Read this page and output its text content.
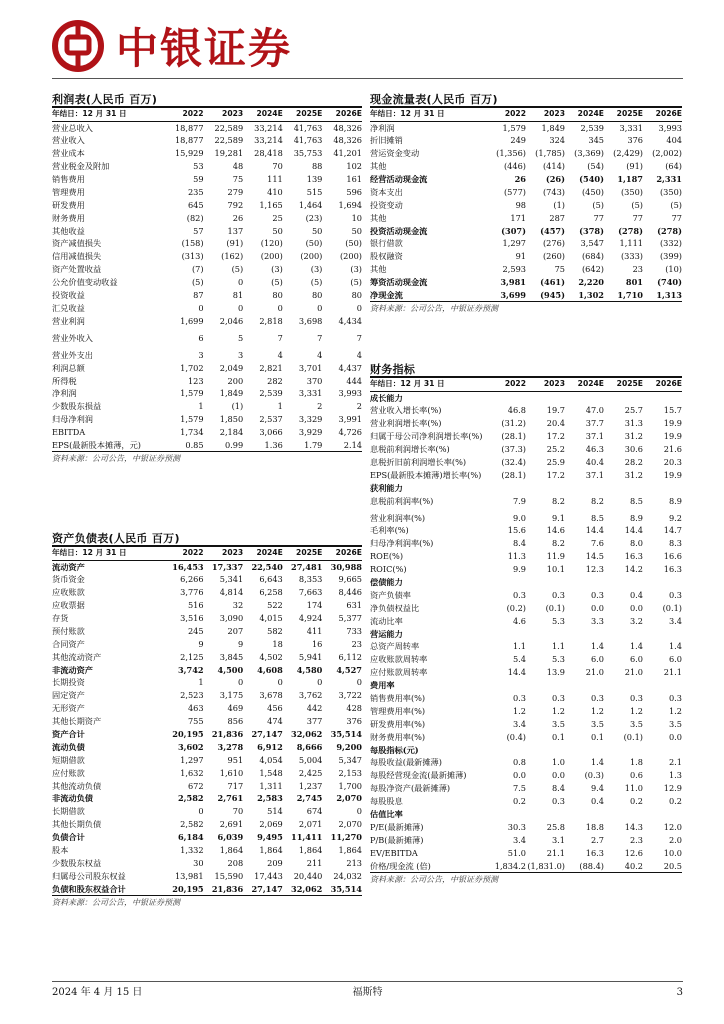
中银证券
利润表(人民币 百万)
年结日：12 月 31 日	2022	2023	2024E	2025E	2026E
营业总收入	18,877	22,589	33,214	41,763	48,326
营业收入	18,877	22,589	33,214	41,763	48,326
营业成本	15,929	19,281	28,418	35,753	41,201
营业税金及附加	53	48	70	88	102
销售费用	59	75	111	139	161
管理费用	235	279	410	515	596
研发费用	645	792	1,165	1,464	1,694
财务费用	(82)	26	25	(23)	10
其他收益	57	137	50	50	50
资产减值损失	(158)	(91)	(120)	(50)	(50)
信用减值损失	(313)	(162)	(200)	(200)	(200)
资产处置收益	(7)	(5)	(3)	(3)	(3)
公允价值变动收益	(5)	0	(5)	(5)	(5)
投资收益	87	81	80	80	80
汇兑收益	0	0	0	0	0
营业利润	1,699	2,046	2,818	3,698	4,434
营业外收入	6	5	7	7	7
营业外支出	3	3	4	4	4
利润总额	1,702	2,049	2,821	3,701	4,437
所得税	123	200	282	370	444
净利润	1,579	1,849	2,539	3,331	3,993
少数股东损益	1	(1)	1	2	2
归母净利润	1,579	1,850	2,537	3,329	3,991
EBITDA	1,734	2,184	3,066	3,929	4,726
EPS(最新股本摊薄，元)	0.85	0.99	1.36	1.79	2.14
资料来源：公司公告，中银证券预测
资产负债表(人民币 百万)
年结日：12 月 31 日	2022	2023	2024E	2025E	2026E
流动资产	16,453	17,337	22,540	27,481	30,988
货币资金	6,266	5,341	6,643	8,353	9,665
应收账款	3,776	4,814	6,258	7,663	8,446
应收票据	516	32	522	174	631
存货	3,516	3,090	4,015	4,924	5,377
预付账款	245	207	582	411	733
合同资产	9	9	18	16	23
其他流动资产	2,125	3,845	4,502	5,941	6,112
非流动资产	3,742	4,500	4,608	4,580	4,527
长期投资	1	0	0	0	0
固定资产	2,523	3,175	3,678	3,762	3,722
无形资产	463	469	456	442	428
其他长期资产	755	856	474	377	376
资产合计	20,195	21,836	27,147	32,062	35,514
流动负债	3,602	3,278	6,912	8,666	9,200
短期借款	1,297	951	4,054	5,004	5,347
应付账款	1,632	1,610	1,548	2,425	2,153
其他流动负债	672	717	1,311	1,237	1,700
非流动负债	2,582	2,761	2,583	2,745	2,070
长期借款	0	70	514	674	0
其他长期负债	2,582	2,691	2,069	2,071	2,070
负债合计	6,184	6,039	9,495	11,411	11,270
股本	1,332	1,864	1,864	1,864	1,864
少数股东权益	30	208	209	211	213
归属母公司股东权益	13,981	15,590	17,443	20,440	24,032
负债和股东权益合计	20,195	21,836	27,147	32,062	35,514
资料来源：公司公告，中银证券预测
现金流量表(人民币 百万)
年结日：12 月 31 日	2022	2023	2024E	2025E	2026E
净利润	1,579	1,849	2,539	3,331	3,993
折旧摊销	249	324	345	376	404
营运资金变动	(1,356)	(1,785)	(3,369)	(2,429)	(2,002)
其他	(446)	(414)	(54)	(91)	(64)
经营活动现金流	26	(26)	(540)	1,187	2,331
资本支出	(577)	(743)	(450)	(350)	(350)
投资变动	98	(1)	(5)	(5)	(5)
其他	171	287	77	77	77
投资活动现金流	(307)	(457)	(378)	(278)	(278)
银行借款	1,297	(276)	3,547	1,111	(332)
股权融资	91	(260)	(684)	(333)	(399)
其他	2,593	75	(642)	23	(10)
筹资活动现金流	3,981	(461)	2,220	801	(740)
净现金流	3,699	(945)	1,302	1,710	1,313
资料来源：公司公告，中银证券预测
财务指标
年结日：12 月 31 日	2022	2023	2024E	2025E	2026E
成长能力					
营业收入增长率(%)	46.8	19.7	47.0	25.7	15.7
营业利润增长率(%)	(31.2)	20.4	37.7	31.3	19.9
归属于母公司净利润增长率(%)	(28.1)	17.2	37.1	31.2	19.9
息税前利润增长率(%)	(37.3)	25.2	46.3	30.6	21.6
息税折旧前利润增长率(%)	(32.4)	25.9	40.4	28.2	20.3
EPS(最新股本摊薄)增长率(%)	(28.1)	17.2	37.1	31.2	19.9
获利能力					
息税前利润率(%)	7.9	8.2	8.2	8.5	8.9
营业利润率(%)	9.0	9.1	8.5	8.9	9.2
毛利率(%)	15.6	14.6	14.4	14.4	14.7
归母净利润率(%)	8.4	8.2	7.6	8.0	8.3
ROE(%)	11.3	11.9	14.5	16.3	16.6
ROIC(%)	9.9	10.1	12.3	14.2	16.3
偿债能力					
资产负债率	0.3	0.3	0.3	0.4	0.3
净负债权益比	(0.2)	(0.1)	0.0	0.0	(0.1)
流动比率	4.6	5.3	3.3	3.2	3.4
营运能力					
总资产周转率	1.1	1.1	1.4	1.4	1.4
应收账款周转率	5.4	5.3	6.0	6.0	6.0
应付账款周转率	14.4	13.9	21.0	21.0	21.1
费用率					
销售费用率(%)	0.3	0.3	0.3	0.3	0.3
管理费用率(%)	1.2	1.2	1.2	1.2	1.2
研发费用率(%)	3.4	3.5	3.5	3.5	3.5
财务费用率(%)	(0.4)	0.1	0.1	(0.1)	0.0
每股指标(元)					
每股收益(最新摊薄)	0.8	1.0	1.4	1.8	2.1
每股经营现金流(最新摊薄)	0.0	0.0	(0.3)	0.6	1.3
每股净资产(最新摊薄)	7.5	8.4	9.4	11.0	12.9
每股股息	0.2	0.3	0.4	0.2	0.2
估值比率					
P/E(最新摊薄)	30.3	25.8	18.8	14.3	12.0
P/B(最新摊薄)	3.4	3.1	2.7	2.3	2.0
EV/EBITDA	51.0	21.1	16.3	12.6	10.0
价格/现金流 (倍)	1,834.2	(1,831.0)	(88.4)	40.2	20.5
资料来源：公司公告，中银证券预测
2024 年 4 月 15 日	福斯特	3
